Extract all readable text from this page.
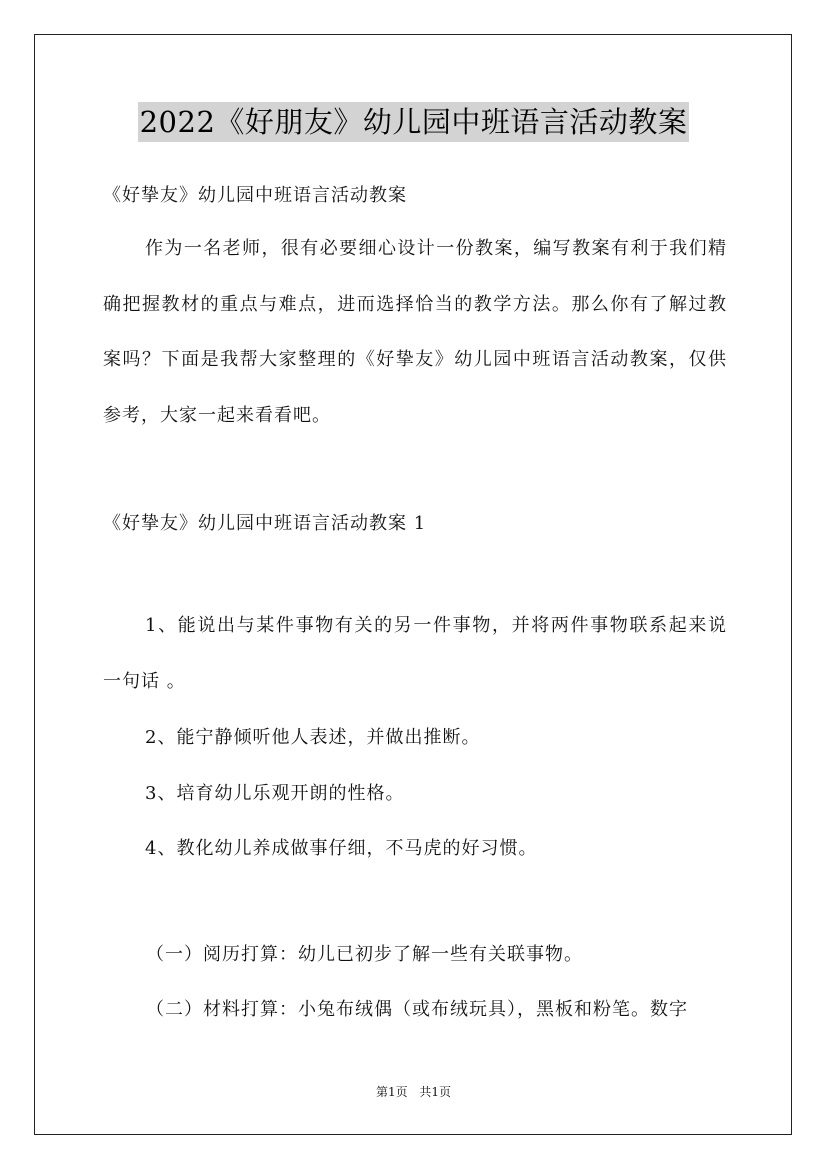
2022《好朋友》幼儿园中班语言活动教案
《好挚友》幼儿园中班语言活动教案
作为一名老师，很有必要细心设计一份教案，编写教案有利于我们精确把握教材的重点与难点，进而选择恰当的教学方法。那么你有了解过教案吗？下面是我帮大家整理的《好挚友》幼儿园中班语言活动教案，仅供参考，大家一起来看看吧。
《好挚友》幼儿园中班语言活动教案 1
1、能说出与某件事物有关的另一件事物，并将两件事物联系起来说一句话 。
2、能宁静倾听他人表述，并做出推断。
3、培育幼儿乐观开朗的性格。
4、教化幼儿养成做事仔细，不马虎的好习惯。
（一）阅历打算：幼儿已初步了解一些有关联事物。
（二）材料打算：小兔布绒偶（或布绒玩具），黑板和粉笔。数字
第1页 共1页
